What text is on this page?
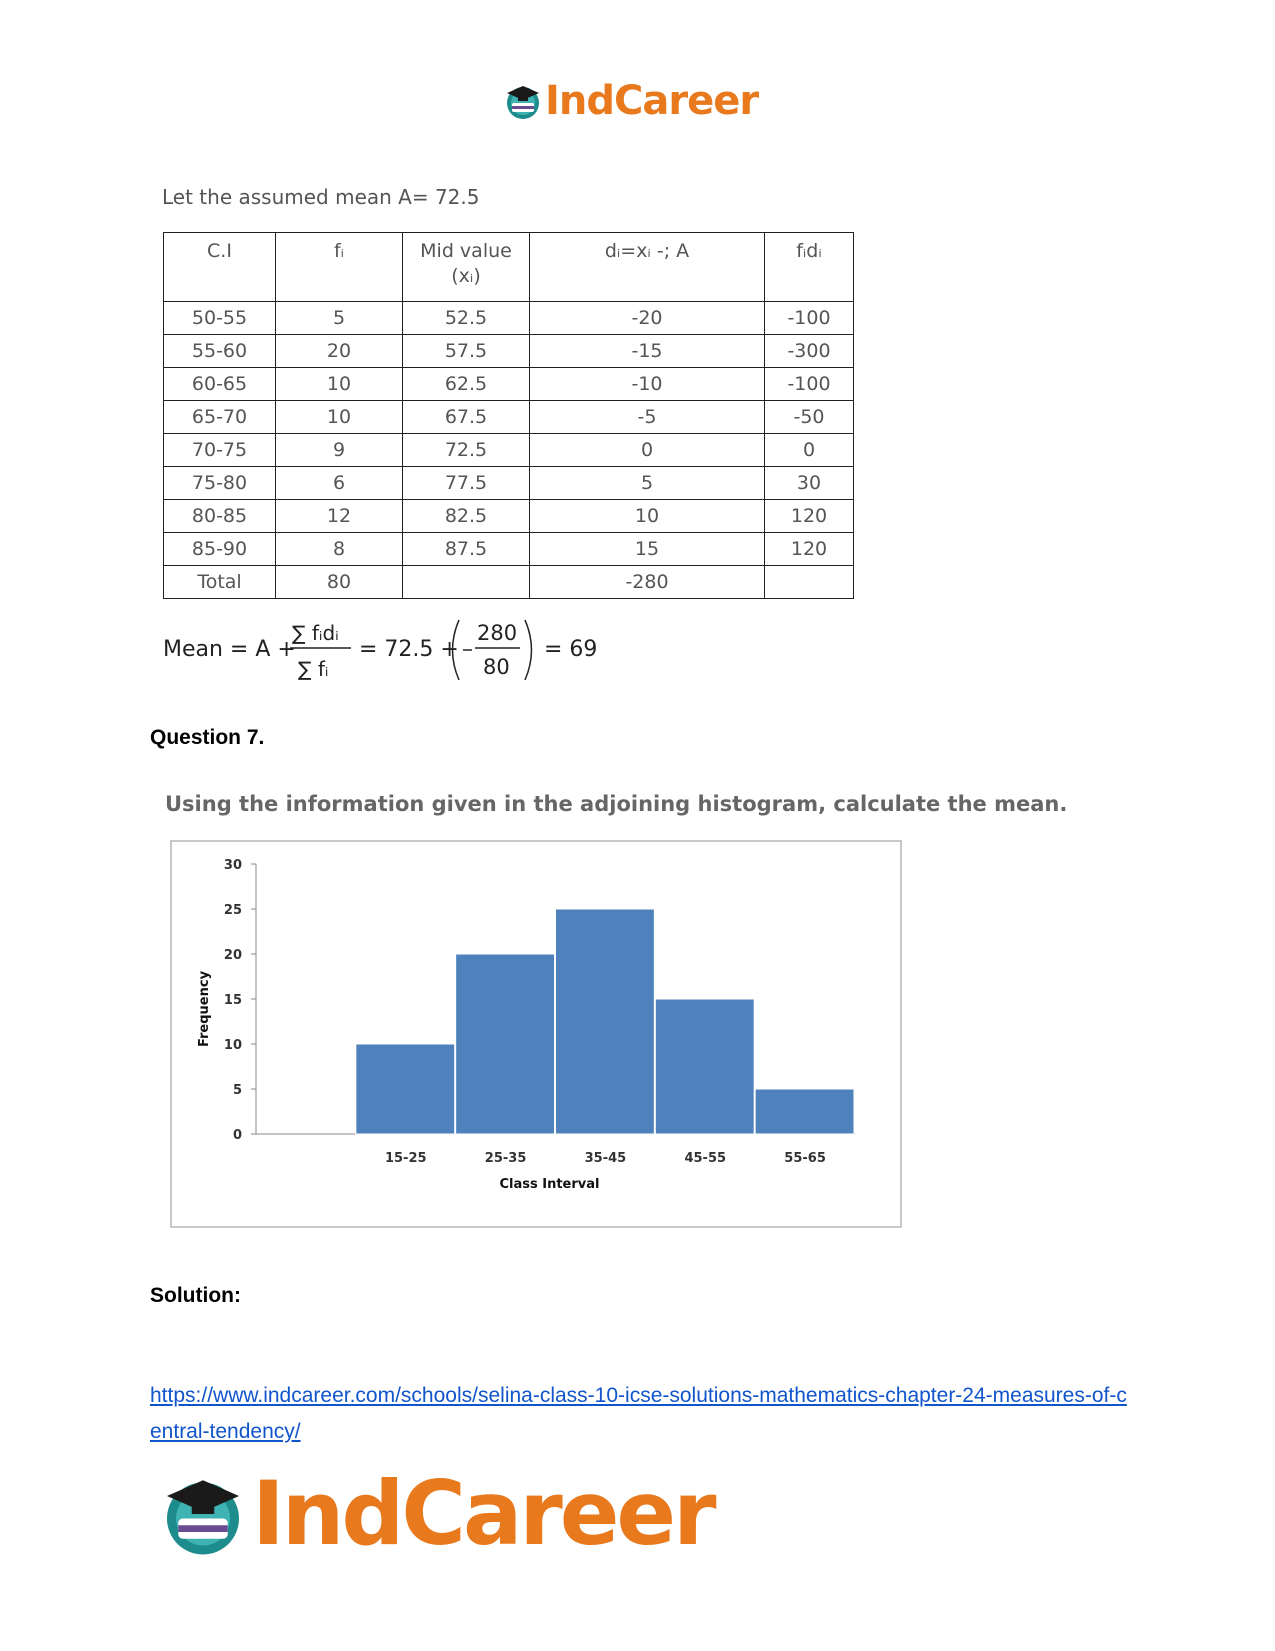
IndCareer
Let the assumed mean A= 72.5
C.I	fᵢ	Mid value (xᵢ)	dᵢ=xᵢ -; A	fᵢdᵢ
50-55	5	52.5	-20	-100
55-60	20	57.5	-15	-300
60-65	10	62.5	-10	-100
65-70	10	67.5	-5	-50
70-75	9	72.5	0	0
75-80	6	77.5	5	30
80-85	12	82.5	10	120
85-90	8	87.5	15	120
Total	80		-280	
Mean = A +
∑ fᵢdᵢ
∑ fᵢ
= 72.5 +
280
80
= 69
Question 7.
Using the information given in the adjoining histogram, calculate the mean.
0
5
10
15
20
25
30
15-25	25-35	35-45	45-55	55-65
Class Interval
Frequency
Solution:
https://www.indcareer.com/schools/selina-class-10-icse-solutions-mathematics-chapter-24-measures-of-central-tendency/
IndCareer
